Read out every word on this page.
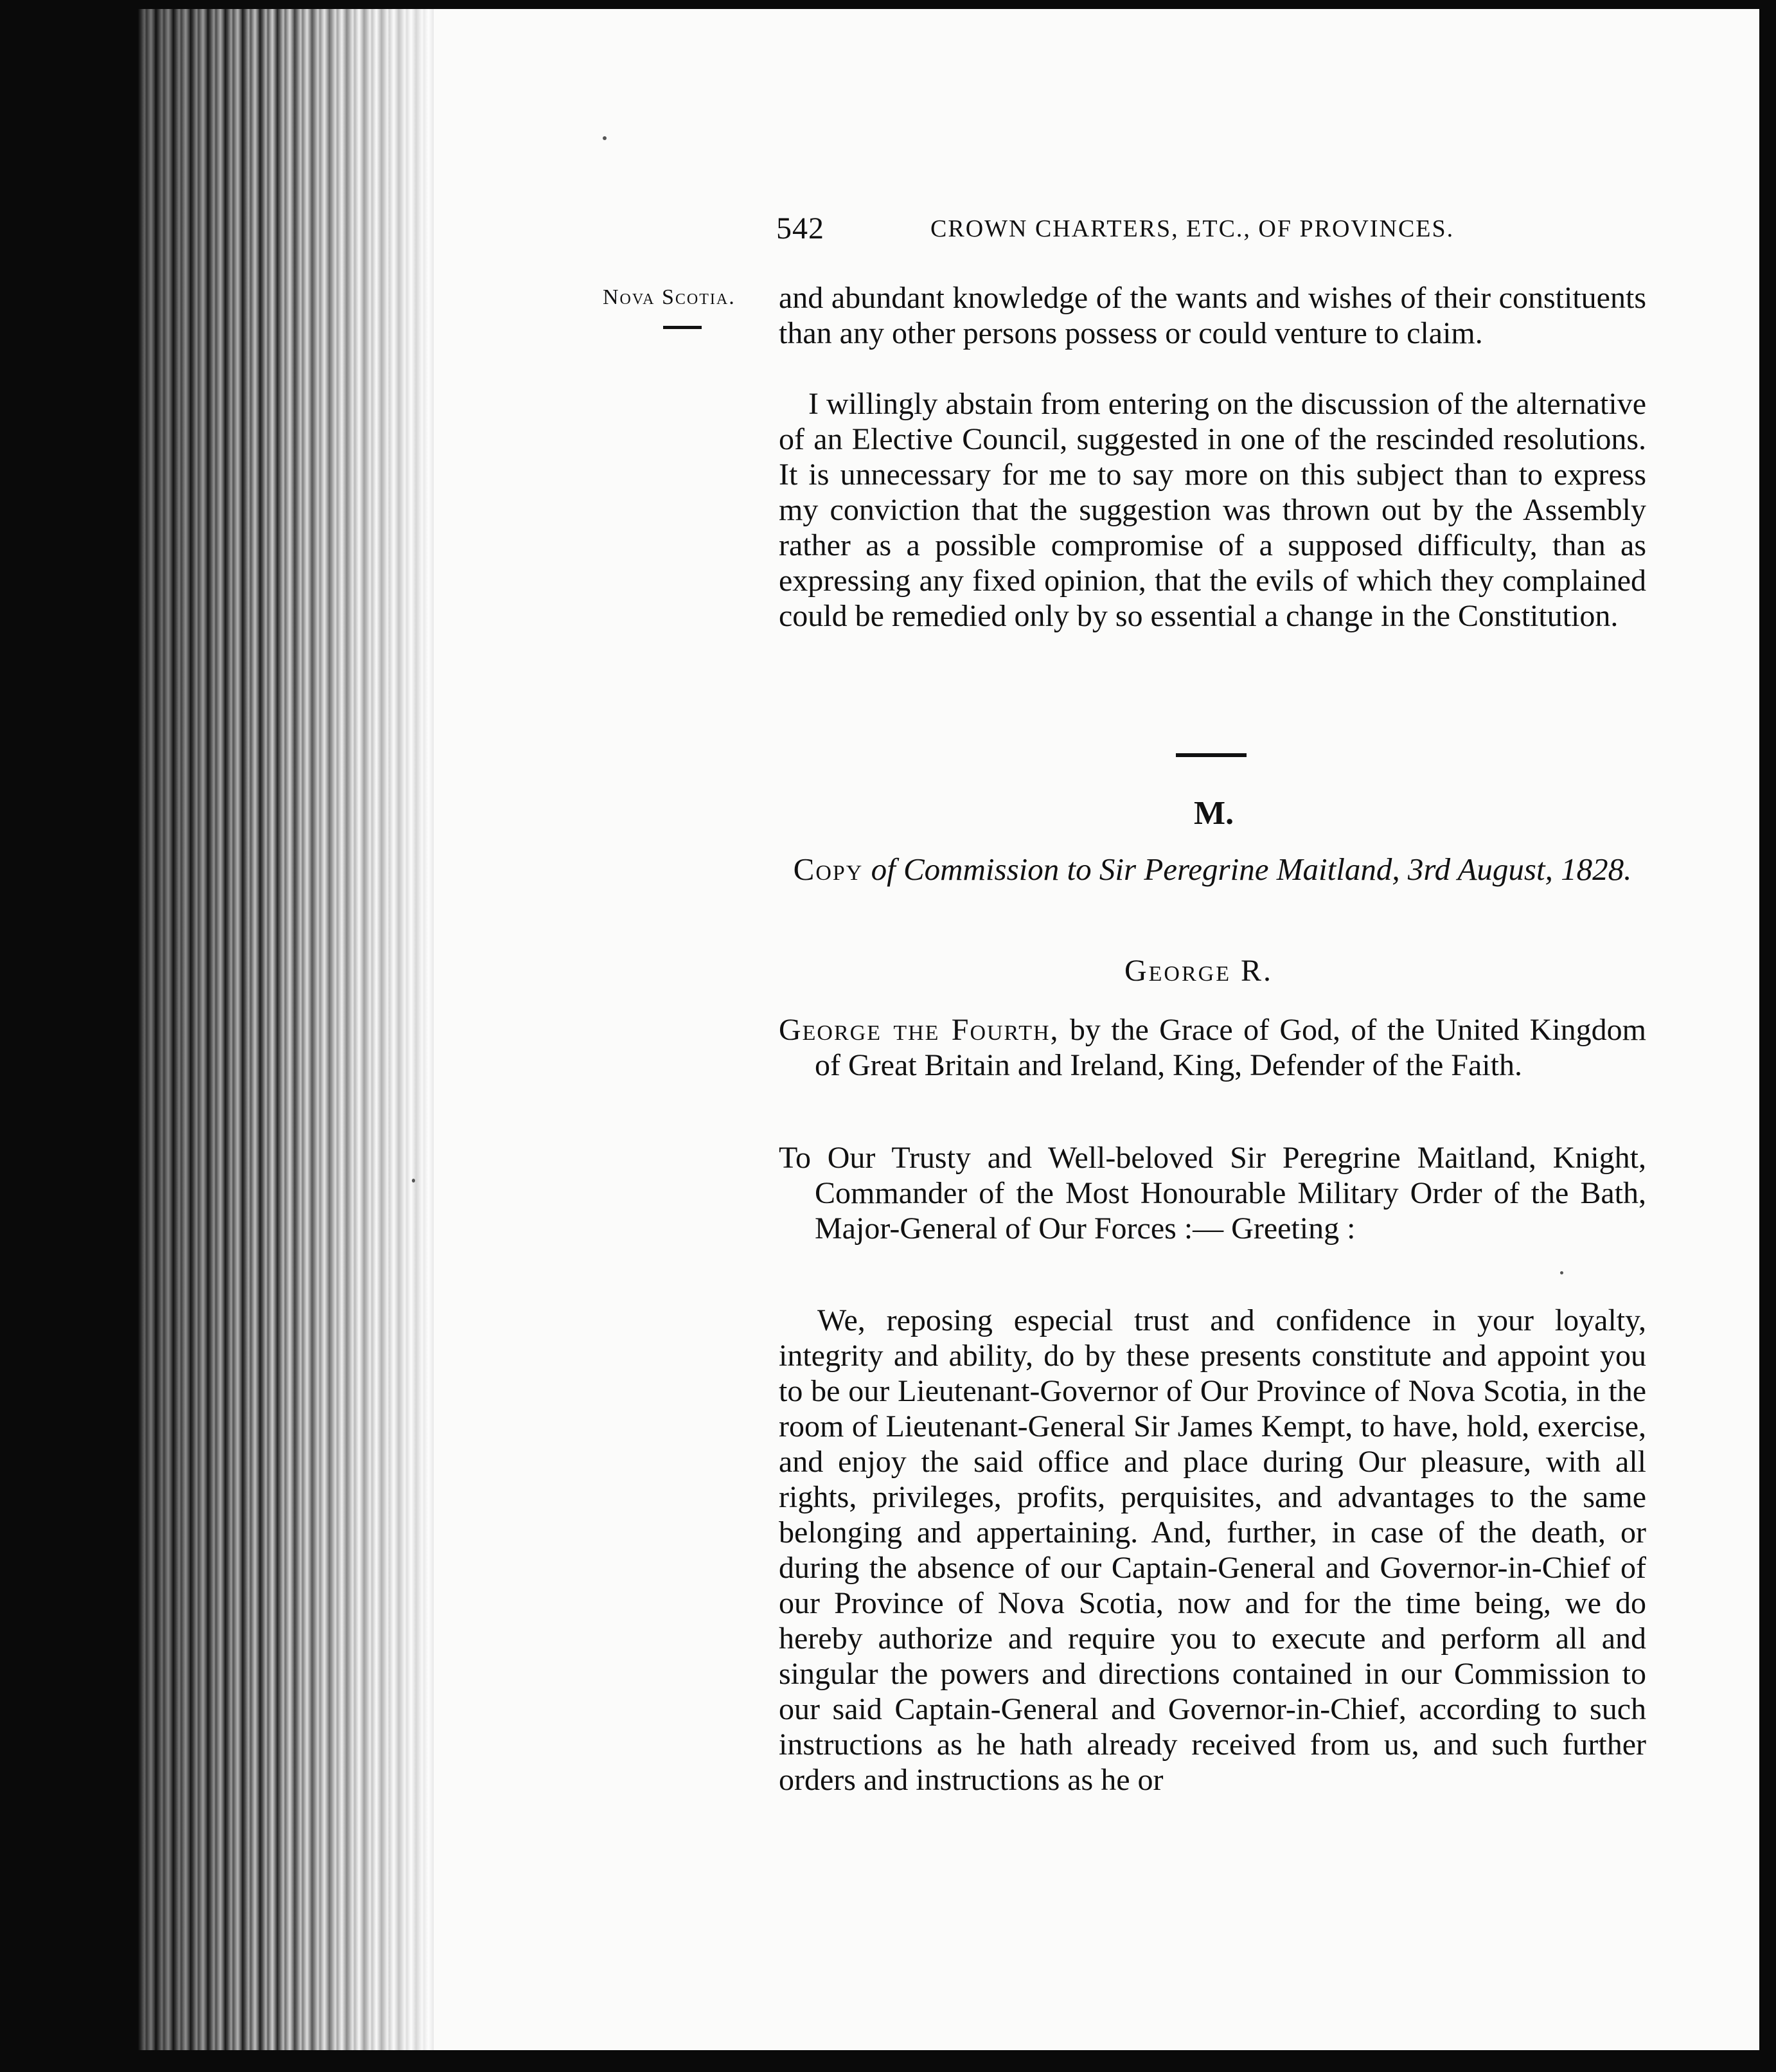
542	CROWN CHARTERS, ETC., OF PROVINCES.
Nova Scotia. and abundant knowledge of the wants and wishes of their constituents than any other persons possess or could venture to claim.

I willingly abstain from entering on the discussion of the alternative of an Elective Council, suggested in one of the rescinded resolutions. It is unnecessary for me to say more on this subject than to express my conviction that the suggestion was thrown out by the Assembly rather as a possible compromise of a supposed difficulty, than as expressing any fixed opinion, that the evils of which they complained could be remedied only by so essential a change in the Constitution.

M.
Copy of Commission to Sir Peregrine Maitland, 3rd August, 1828.
George R.
George the Fourth, by the Grace of God, of the United Kingdom of Great Britain and Ireland, King, Defender of the Faith.
To Our Trusty and Well-beloved Sir Peregrine Maitland, Knight, Commander of the Most Honourable Military Order of the Bath, Major-General of Our Forces :— Greeting :

We, reposing especial trust and confidence in your loyalty, integrity and ability, do by these presents constitute and appoint you to be our Lieutenant-Governor of Our Province of Nova Scotia, in the room of Lieutenant-General Sir James Kempt, to have, hold, exercise, and enjoy the said office and place during Our pleasure, with all rights, privileges, profits, perquisites, and advantages to the same belonging and appertaining. And, further, in case of the death, or during the absence of our Captain-General and Governor-in-Chief of our Province of Nova Scotia, now and for the time being, we do hereby authorize and require you to execute and perform all and singular the powers and directions contained in our Commission to our said Captain-General and Governor-in-Chief, according to such instructions as he hath already received from us, and such further orders and instructions as he or
